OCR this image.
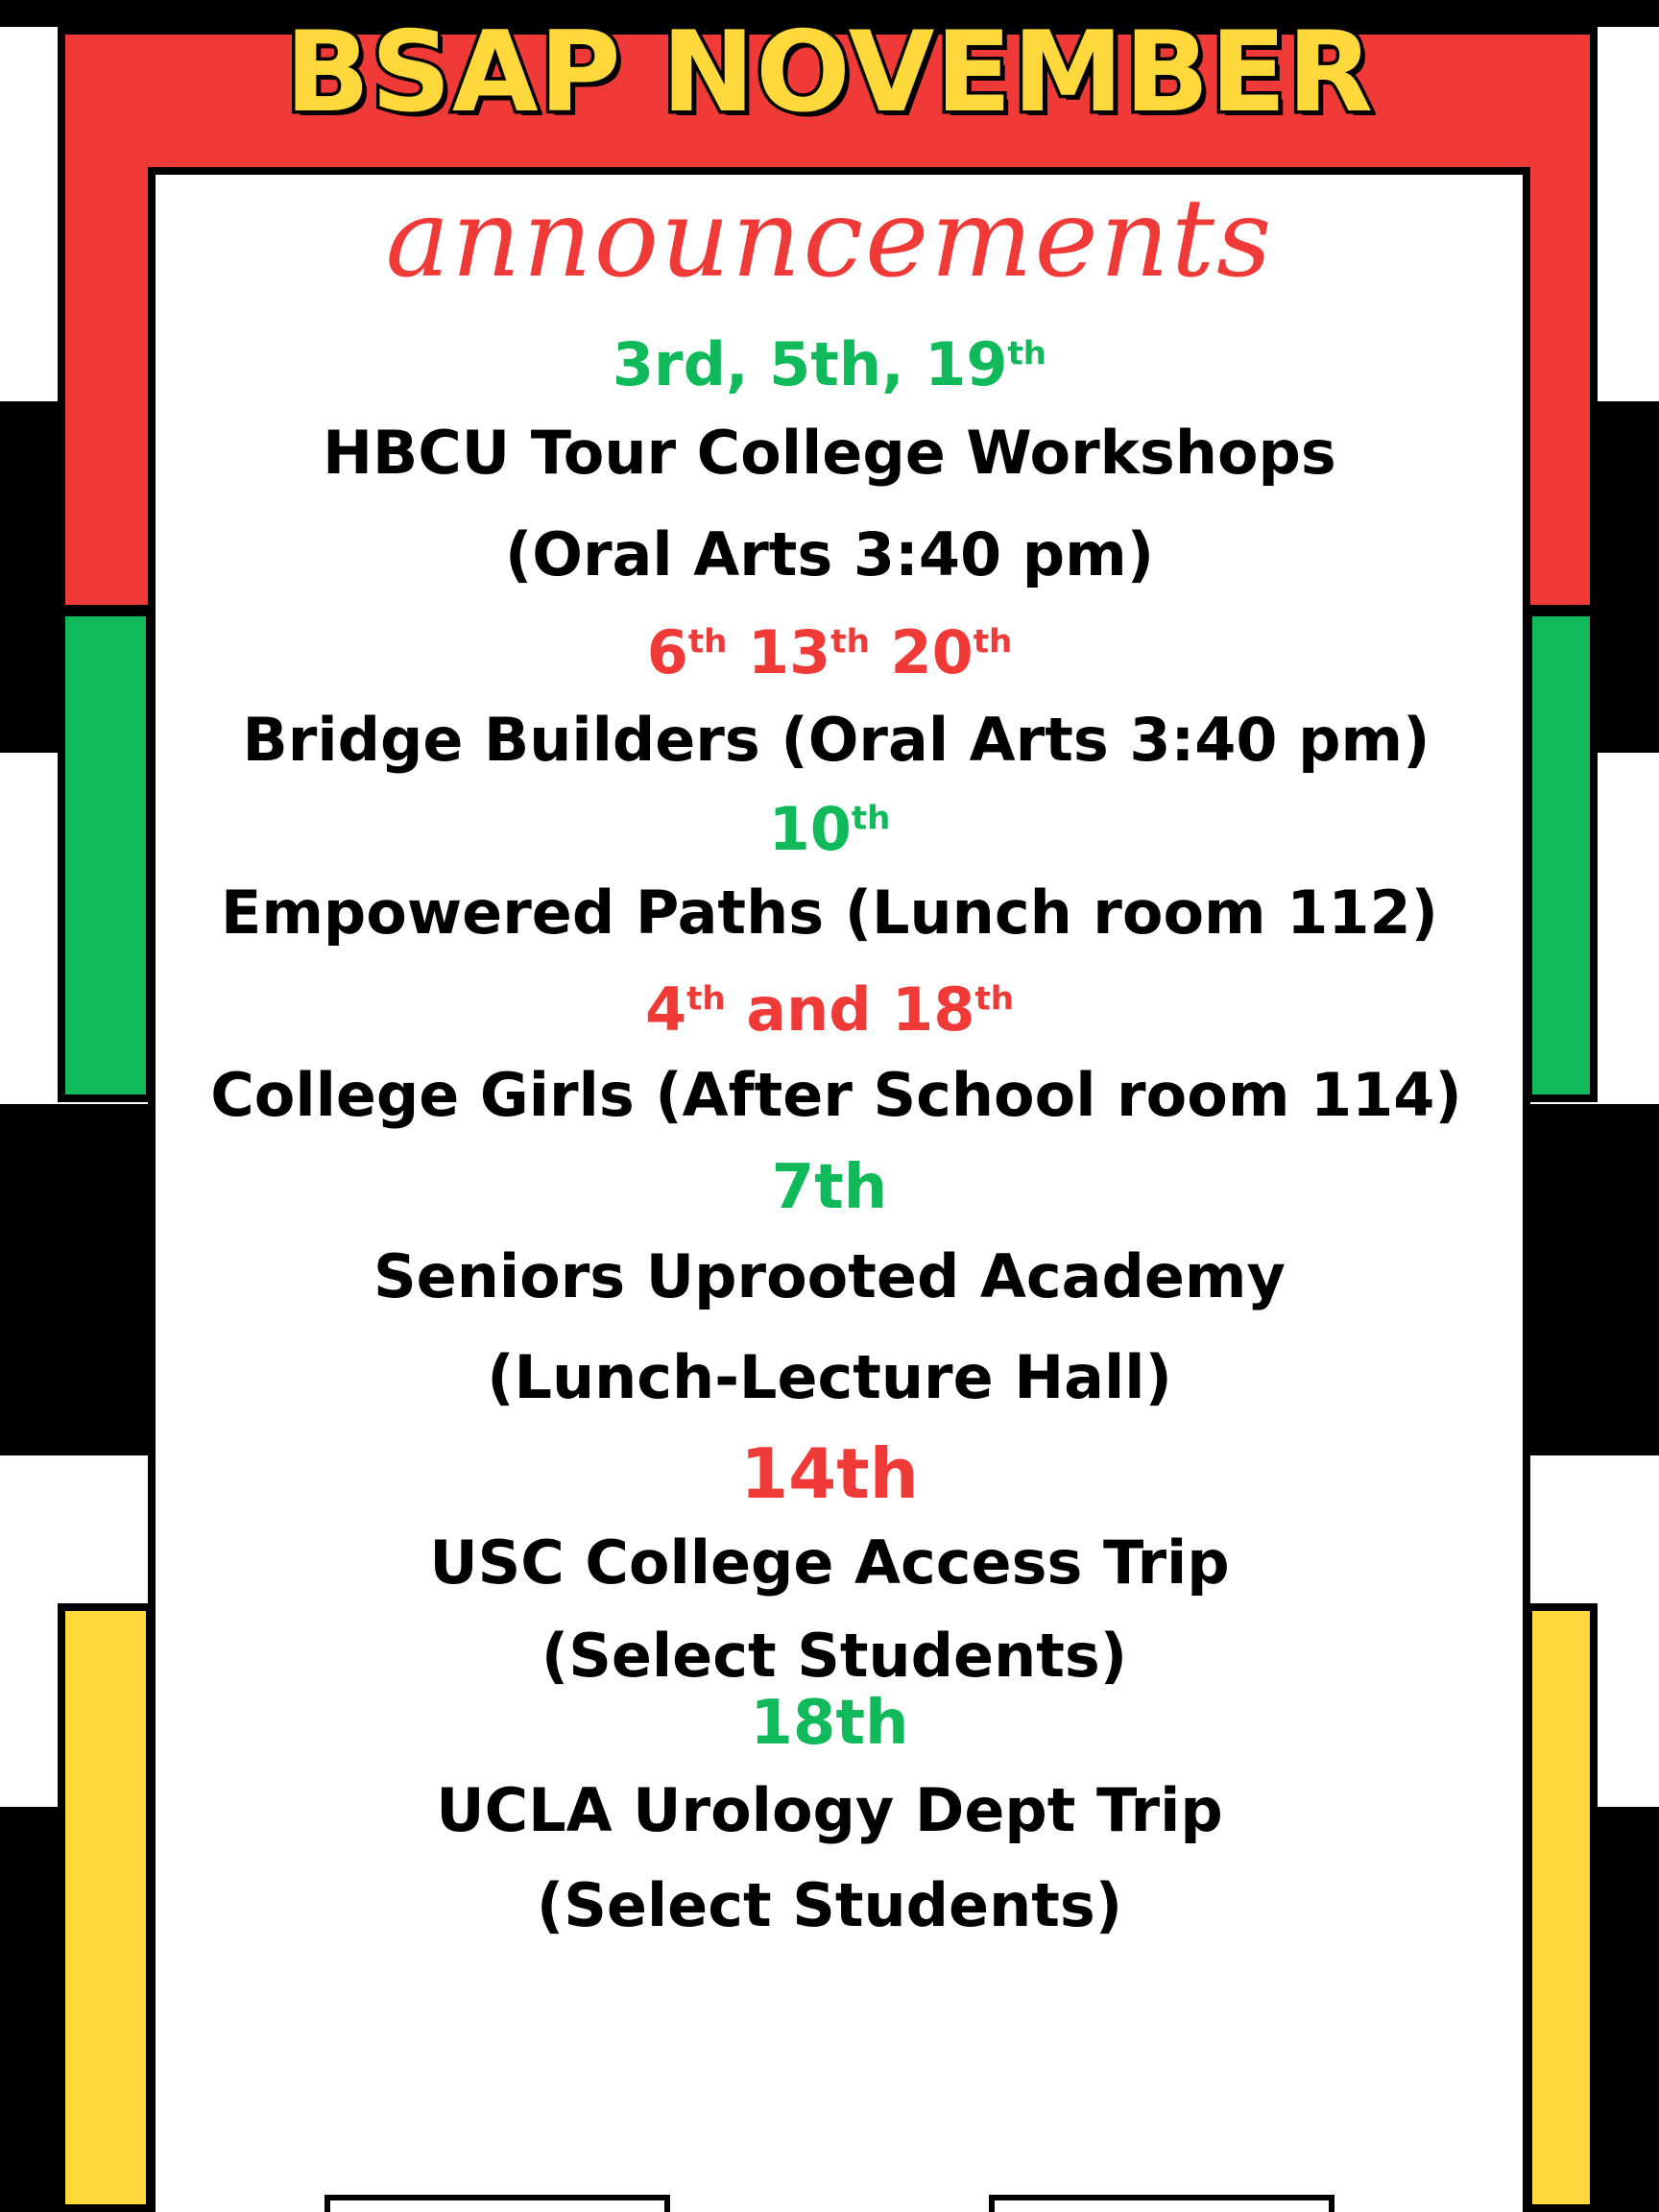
BSAP NOVEMBER
announcements
3rd, 5th, 19th
HBCU Tour College Workshops
(Oral Arts 3:40 pm)
6th 13th 20th
Bridge Builders (Oral Arts 3:40 pm)
10th
Empowered Paths (Lunch room 112)
4th and 18th
College Girls (After School room 114)
7th
Seniors Uprooted Academy
(Lunch-Lecture Hall)
14th
USC College Access Trip
(Select Students)
18th
UCLA Urology Dept Trip
(Select Students)
